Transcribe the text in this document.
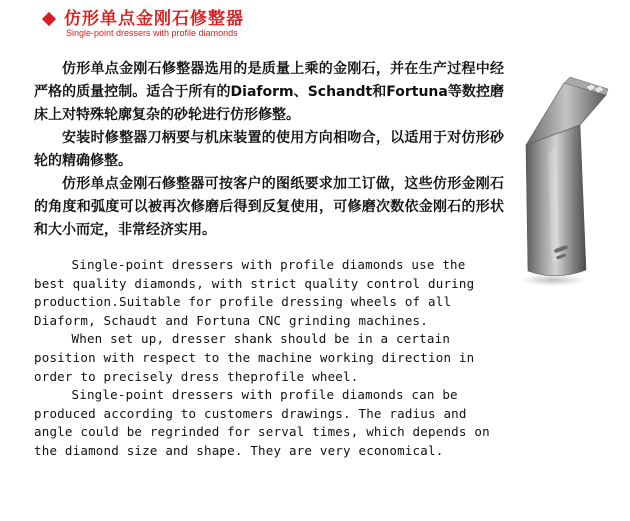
仿形单点金刚石修整器
Single-point dressers with profile diamonds

仿形单点金刚石修整器选用的是质量上乘的金刚石，并在生产过程中经严格的质量控制。适合于所有的Diaform、Schandt和Fortuna等数控磨床上对特殊轮廓复杂的砂轮进行仿形修整。

安装时修整器刀柄要与机床装置的使用方向相吻合，以适用于对仿形砂轮的精确修整。

仿形单点金刚石修整器可按客户的图纸要求加工订做，这些仿形金刚石的角度和弧度可以被再次修磨后得到反复使用，可修磨次数依金刚石的形状和大小而定，非常经济实用。

Single-point dressers with profile diamonds use the best quality diamonds, with strict quality control during production.Suitable for profile dressing wheels of all Diaform, Schaudt and Fortuna CNC grinding machines.

When set up, dresser shank should be in a certain position with respect to the machine working direction in order to precisely dress theprofile wheel.

Single-point dressers with profile diamonds can be produced according to customers drawings. The radius and angle could be regrinded for serval times, which depends on the diamond size and shape. They are very economical.
